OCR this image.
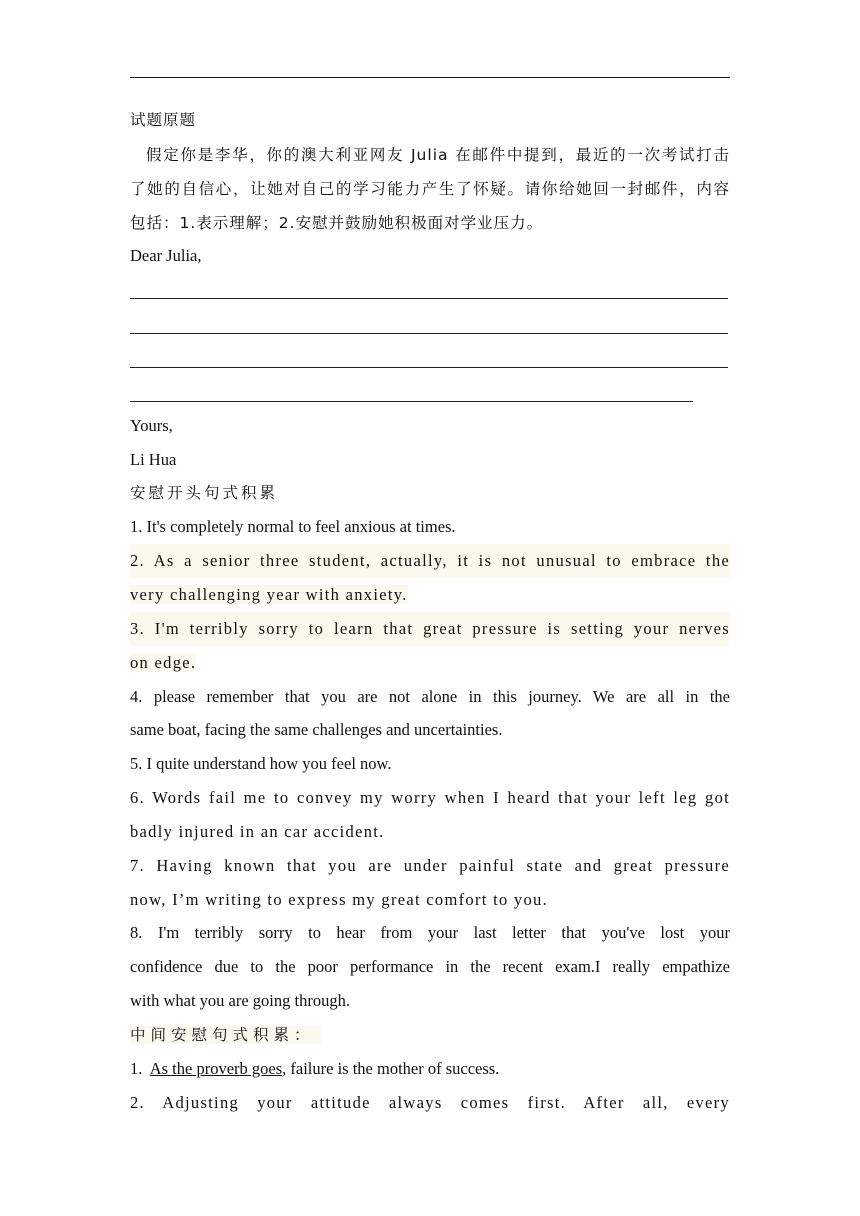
试题原题
假定你是李华，你的澳大利亚网友 Julia 在邮件中提到，最近的一次考试打击
了她的自信心，让她对自己的学习能力产生了怀疑。请你给她回一封邮件，内容
包括：1.表示理解；2.安慰并鼓励她积极面对学业压力。
Dear Julia,
Yours,
Li Hua
安慰开头句式积累
1. It's completely normal to feel anxious at times.
2. As a senior three student, actually, it is not unusual to embrace the
very challenging year with anxiety.
3. I'm terribly sorry to learn that great pressure is setting your nerves
on edge.
4. please remember that you are not alone in this journey. We are all in the
same boat, facing the same challenges and uncertainties.
5. I quite understand how you feel now.
6. Words fail me to convey my worry when I heard that your left leg got
badly injured in an car accident.
7. Having known that you are under painful state and great pressure
now, I’m writing to express my great comfort to you.
8. I'm terribly sorry to hear from your last letter that you've lost your
confidence due to the poor performance in the recent exam.I really empathize
with what you are going through.
中间安慰句式积累：
1. As the proverb goes, failure is the mother of success.
2. Adjusting your attitude always comes first. After all, every
